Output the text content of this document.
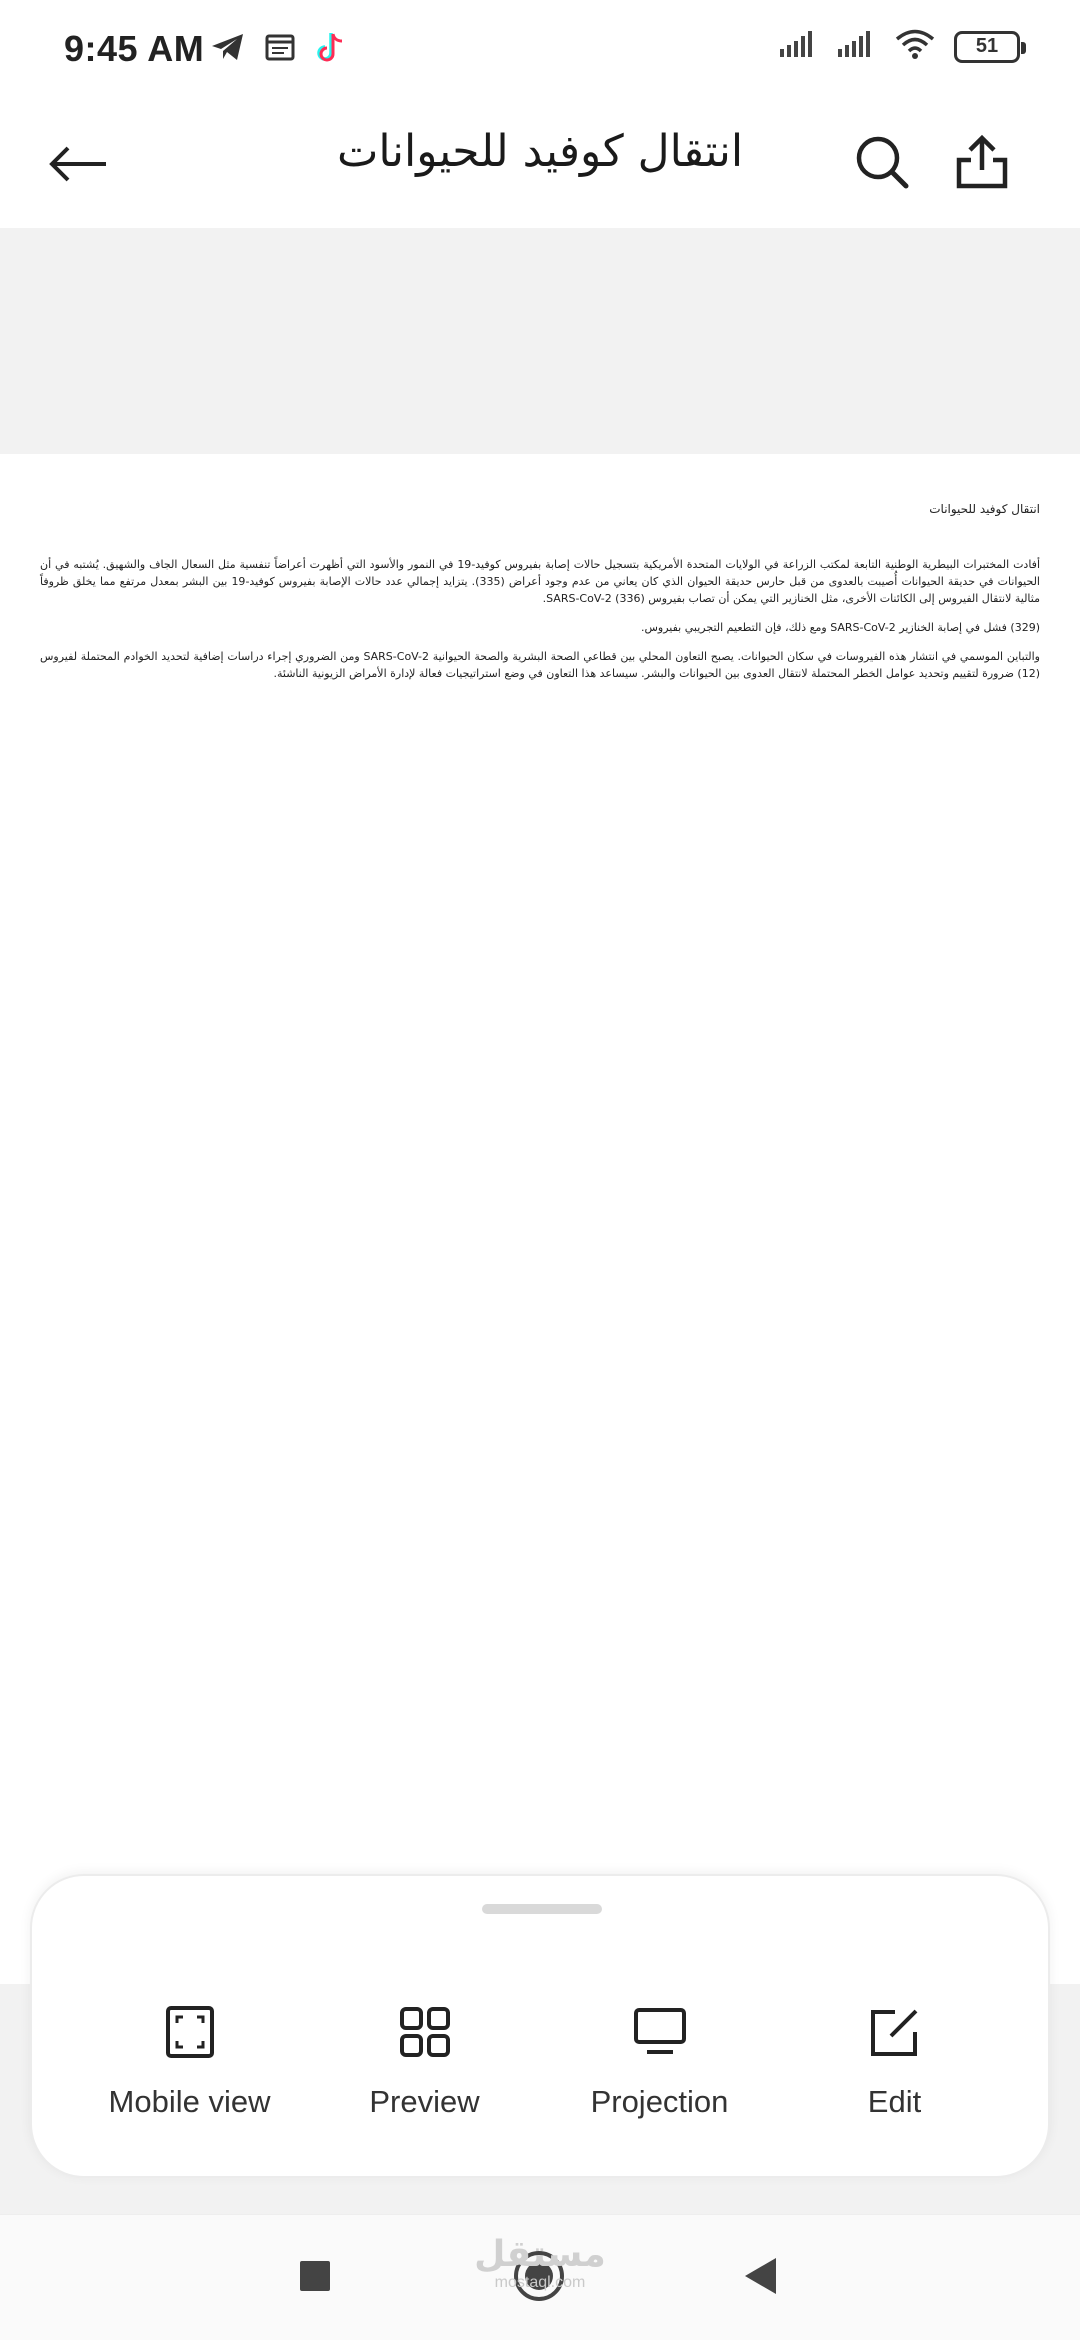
9:45 AM	51
انتقال كوفيد للحيوانات
انتقال كوفيد للحيوانات

أفادت المختبرات البيطرية الوطنية التابعة لمكتب الزراعة في الولايات المتحدة الأمريكية بتسجيل حالات إصابة بفيروس كوفيد-19 في النمور والأسود التي أظهرت أعراضاً تنفسية مثل السعال الجاف والشهيق. يُشتبه في أن الحيوانات في حديقة الحيوانات أُصيبت بالعدوى من قبل حارس حديقة الحيوان الذي كان يعاني من عدم وجود أعراض (335). يتزايد إجمالي عدد حالات الإصابة بفيروس كوفيد-19 بين البشر بمعدل مرتفع مما يخلق ظروفاً مثالية لانتقال الفيروس إلى الكائنات الأخرى، مثل الخنازير التي يمكن أن تصاب بفيروس SARS-CoV-2 (336).

(329) فشل في إصابة الخنازير SARS-CoV-2 ومع ذلك، فإن التطعيم التجريبي بفيروس.

والتباين الموسمي في انتشار هذه الفيروسات في سكان الحيوانات. يصبح التعاون المحلي بين قطاعي الصحة البشرية والصحة الحيوانية SARS-CoV-2 ومن الضروري إجراء دراسات إضافية لتحديد الخوادم المحتملة لفيروس (12) ضرورة لتقييم وتحديد عوامل الخطر المحتملة لانتقال العدوى بين الحيوانات والبشر. سيساعد هذا التعاون في وضع استراتيجيات فعالة لإدارة الأمراض الزيونية الناشئة.

Mobile view	Preview	Projection	Edit
مستقل
mostaql.com
